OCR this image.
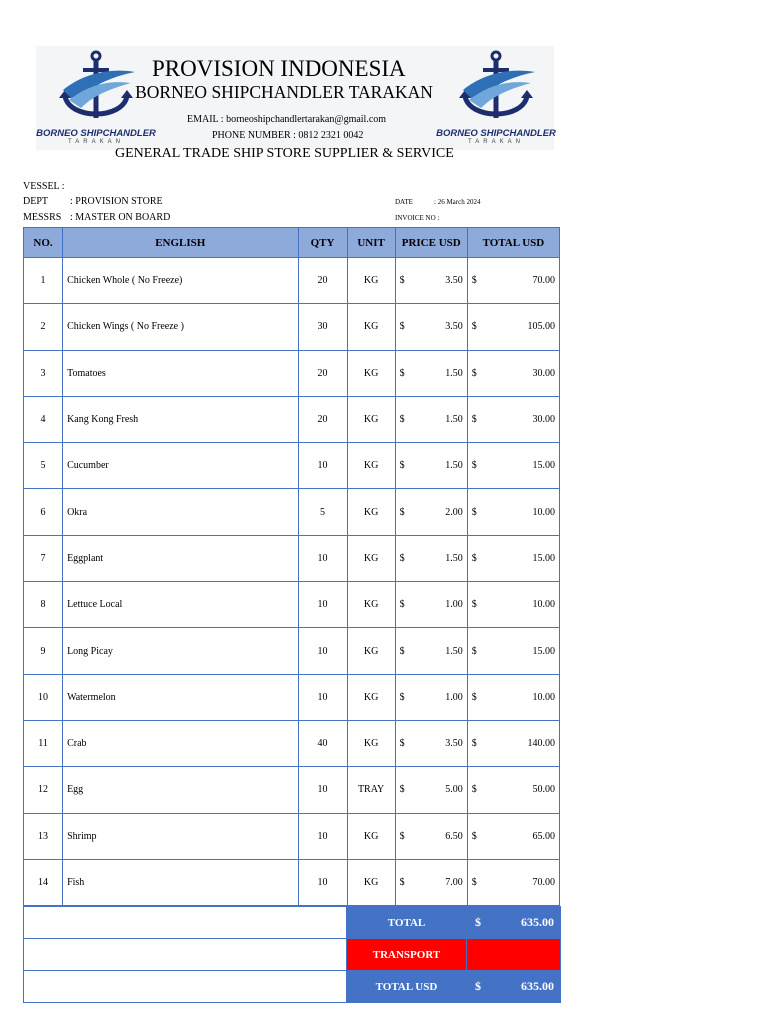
BORNEO SHIPCHANDLER
TARAKAN
BORNEO SHIPCHANDLER
TARAKAN
PROVISION INDONESIA
BORNEO SHIPCHANDLER TARAKAN
EMAIL : borneoshipchandlertarakan@gmail.com
PHONE NUMBER : 0812 2321 0042
GENERAL TRADE SHIP STORE SUPPLIER & SERVICE
VESSEL :
DEPT : PROVISION STORE
MESSRS : MASTER ON BOARD
DATE	: 26 March 2024
INVOICE NO :
NO.	ENGLISH	QTY	UNIT	PRICE USD	TOTAL USD
1	Chicken Whole ( No Freeze)	20	KG	$ 3.50	$ 70.00

2	Chicken Wings ( No Freeze )	30	KG	$ 3.50	$ 105.00

3	Tomatoes	20	KG	$ 1.50	$ 30.00

4	Kang Kong Fresh	20	KG	$ 1.50	$ 30.00

5	Cucumber	10	KG	$ 1.50	$ 15.00

6	Okra	5	KG	$ 2.00	$ 10.00

7	Eggplant	10	KG	$ 1.50	$ 15.00

8	Lettuce Local	10	KG	$ 1.00	$ 10.00

9	Long Picay	10	KG	$ 1.50	$ 15.00

10	Watermelon	10	KG	$ 1.00	$ 10.00

11	Crab	40	KG	$ 3.50	$ 140.00

12	Egg	10	TRAY	$ 5.00	$ 50.00

13	Shrimp	10	KG	$ 6.50	$ 65.00

14	Fish	10	KG	$ 7.00	$ 70.00
	TOTAL	$ 635.00

	TRANSPORT	
	TOTAL USD	$ 635.00
